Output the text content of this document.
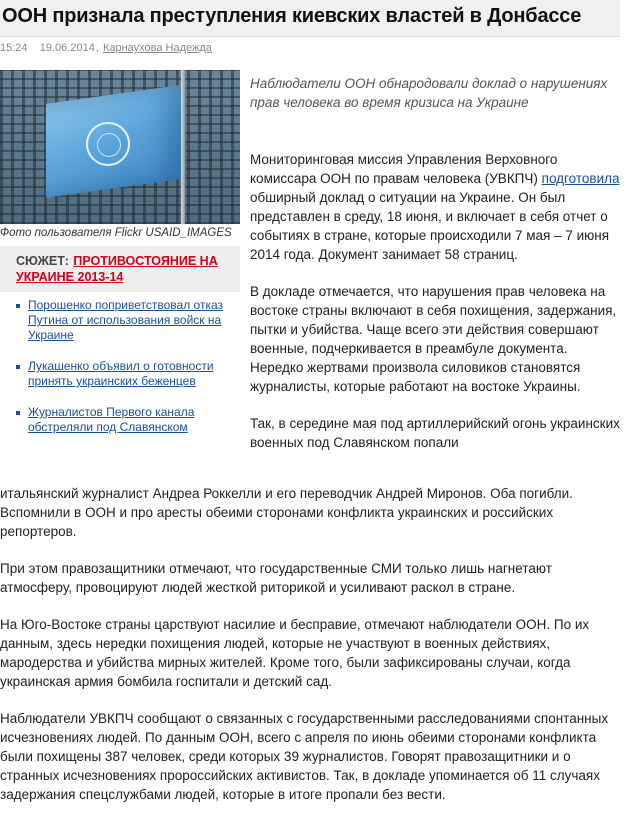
ООН признала преступления киевских властей в Донбассе
15:24 19.06.2014, Карнаухова Надежда
Фото пользователя Flickr USAID_IMAGES
СЮЖЕТ: ПРОТИВОСТОЯНИЕ НА УКРАИНЕ 2013-14
Порошенко поприветствовал отказ Путина от использования войск на Украине
Лукашенко объявил о готовности принять украинских беженцев
Журналистов Первого канала обстреляли под Славянском
Наблюдатели ООН обнародовали доклад о нарушениях прав человека во время кризиса на Украине

Мониторинговая миссия Управления Верховного комиссара ООН по правам человека (УВКПЧ) подготовила обширный доклад о ситуации на Украине. Он был представлен в среду, 18 июня, и включает в себя отчет о событиях в стране, которые происходили 7 мая – 7 июня 2014 года. Документ занимает 58 страниц.

В докладе отмечается, что нарушения прав человека на востоке страны включают в себя похищения, задержания, пытки и убийства. Чаще всего эти действия совершают военные, подчеркивается в преамбуле документа. Нередко жертвами произвола силовиков становятся журналисты, которые работают на востоке Украины.

Так, в середине мая под артиллерийский огонь украинских военных под Славянском попали

итальянский журналист Андреа Роккелли и его переводчик Андрей Миронов. Оба погибли. Вспомнили в ООН и про аресты обеими сторонами конфликта украинских и российских репортеров.

При этом правозащитники отмечают, что государственные СМИ только лишь нагнетают атмосферу, провоцируют людей жесткой риторикой и усиливают раскол в стране.

На Юго-Востоке страны царствуют насилие и бесправие, отмечают наблюдатели ООН. По их данным, здесь нередки похищения людей, которые не участвуют в военных действиях, мародерства и убийства мирных жителей. Кроме того, были зафиксированы случаи, когда украинская армия бомбила госпитали и детский сад.

Наблюдатели УВКПЧ сообщают о связанных с государственными расследованиями спонтанных исчезновениях людей. По данным ООН, всего с апреля по июнь обеими сторонами конфликта были похищены 387 человек, среди которых 39 журналистов. Говорят правозащитники и о странных исчезновениях пророссийских активистов. Так, в докладе упоминается об 11 случаях задержания спецслужбами людей, которые в итоге пропали без вести.
